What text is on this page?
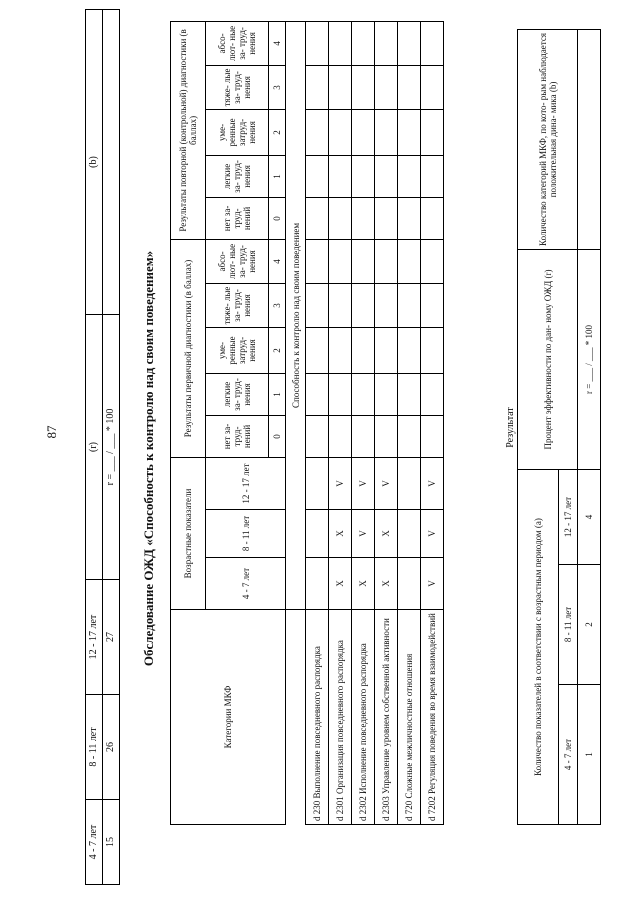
87
4 - 7 лет	8 - 11 лет	12 - 17 лет	(r)	(b)
15	26	27	r = ___ / ___ * 100	Обследование ОЖД «Способность к контролю над своим поведением»
Категории МКФ	Возрастные показатели			Результаты первичной диагностики (в баллах)					Результаты повторной (контрольной) диагностики (в баллах)				
	4 - 7 лет	8 - 11 лет	12 - 17 лет	нет за- труд- нений	легкие за- труд- нения	уме- ренные затруд- нения	тяже- лые за- труд- нения	абсо- лют- ные за- труд- нения	нет за- труд- нений	легкие за- труд- нения	уме- ренные затруд- нения	тяже- лые за- труд- нения	абсо- лют- ные за- труд- нения
				0	1	2	3	4	0	1	2	3	4
	Способность к контролю над своим поведением												
d 230 Выполнение повседневного распорядка													
d 2301 Организация повседневного распорядка	X	X	V										
d 2302 Исполнение повседневного распорядка	X	V	V										
d 2303 Управление уровнем собственной активности	X	X	V										
d 720 Сложные межличностные отношения													
d 7202 Регуляция поведения во время взаимодействий	V	V	V										
Результат
Количество показателей в соответствии с возрастным периодом (a)			Процент эффективности по дан- ному ОЖД (r)	Количество категорий МКФ, по кото- рым наблюдается положительная дина- мика (b)
4 - 7 лет	8 - 11 лет	12 - 17 лет		
1	2	4	r = ___ / ___ * 100	
